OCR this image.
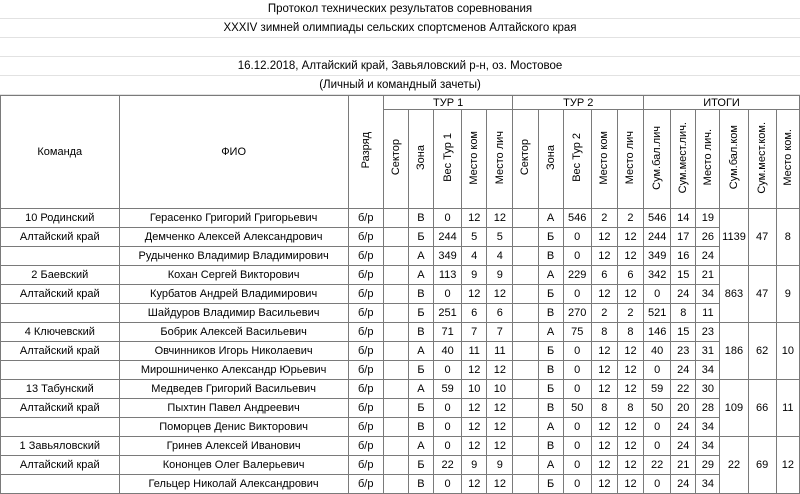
Протокол технических результатов соревнования
XXXIV зимней олимпиады сельских спортсменов Алтайского края
16.12.2018, Алтайский край, Завьяловский р-н, оз. Мостовое
(Личный и командный зачеты)
Команда	ФИО	Разряд	ТУР 1					ТУР 2					ИТОГИ					
			Сектор	Зона	Вес Тур 1	Место ком	Место лич	Сектор	Зона	Вес Тур 2	Место ком	Место лич	Сум.бал.лич	Сум.мест.лич.	Место лич.	Сум.бал.ком	Сум.мест.ком.	Место ком.
10 Родинский	Герасенко Григорий Григорьевич	б/р		В	0	12	12		А	546	2	2	546	14	19	1139	47	8
Алтайский край	Демченко Алексей Александрович	б/р		Б	244	5	5		Б	0	12	12	244	17	26			
	Рудыченко Владимир Владимирович	б/р		А	349	4	4		В	0	12	12	349	16	24			
2 Баевский	Кохан Сергей Викторович	б/р		А	113	9	9		А	229	6	6	342	15	21	863	47	9
Алтайский край	Курбатов Андрей Владимирович	б/р		В	0	12	12		Б	0	12	12	0	24	34			
	Шайдуров Владимир Васильевич	б/р		Б	251	6	6		В	270	2	2	521	8	11			
4 Ключевский	Бобрик Алексей Васильевич	б/р		В	71	7	7		А	75	8	8	146	15	23	186	62	10
Алтайский край	Овчинников Игорь Николаевич	б/р		А	40	11	11		Б	0	12	12	40	23	31			
	Мирошниченко Александр Юрьевич	б/р		Б	0	12	12		В	0	12	12	0	24	34			
13 Табунский	Медведев Григорий Васильевич	б/р		А	59	10	10		Б	0	12	12	59	22	30	109	66	11
Алтайский край	Пыхтин Павел Андреевич	б/р		Б	0	12	12		В	50	8	8	50	20	28			
	Поморцев Денис Викторович	б/р		В	0	12	12		А	0	12	12	0	24	34			
1 Завьяловский	Гринев Алексей Иванович	б/р		А	0	12	12		В	0	12	12	0	24	34	22	69	12
Алтайский край	Кононцев Олег Валерьевич	б/р		Б	22	9	9		А	0	12	12	22	21	29			
	Гельцер Николай Александрович	б/р		В	0	12	12		Б	0	12	12	0	24	34			
